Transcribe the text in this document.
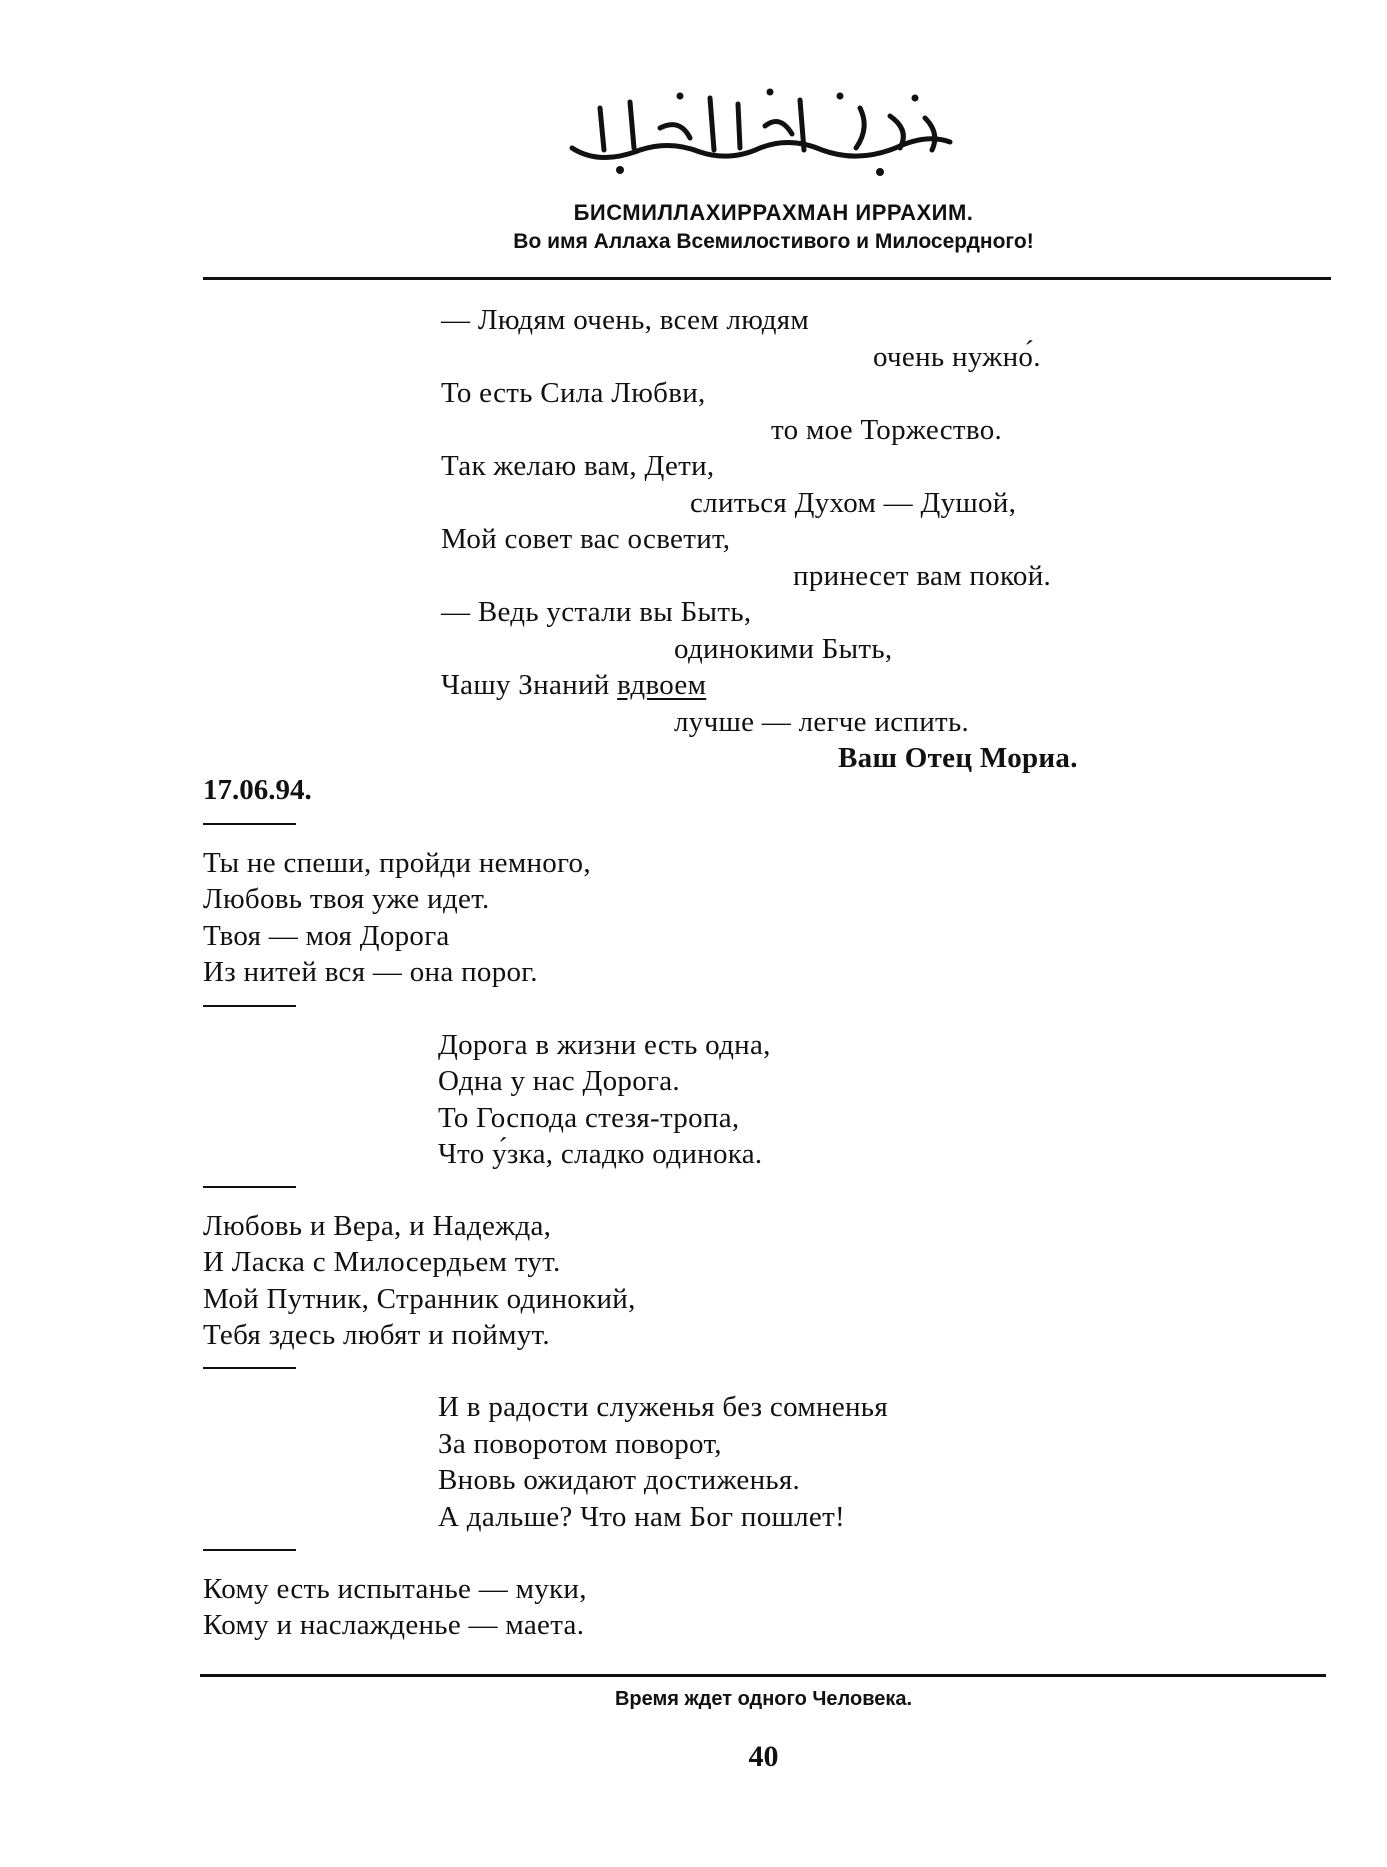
بِسْمِ ٱللَّٰهِ ٱلرَّحْمَٰنِ ٱلرَّحِيمِ
БИСМИЛЛАХИРРАХМАН ИРРАХИМ.
Во имя Аллаха Всемилостивого и Милосердного!
— Людям очень, всем людям
очень нужно́.
То есть Сила Любви,
то мое Торжество.
Так желаю вам, Дети,
слиться Духом — Душой,
Мой совет вас осветит,
принесет вам покой.
— Ведь устали вы Быть,
одинокими Быть,
Чашу Знаний вдвоем
лучше — легче испить.
Ваш Отец Мориа.
17.06.94.
Ты не спеши, пройди немного,
Любовь твоя уже идет.
Твоя — моя Дорога
Из нитей вся — она порог.
Дорога в жизни есть одна,
Одна у нас Дорога.
То Господа стезя-тропа,
Что у́зка, сладко одинока.
Любовь и Вера, и Надежда,
И Ласка с Милосердьем тут.
Мой Путник, Странник одинокий,
Тебя здесь любят и поймут.
И в радости служенья без сомненья
За поворотом поворот,
Вновь ожидают достиженья.
А дальше? Что нам Бог пошлет!
Кому есть испытанье — муки,
Кому и наслажденье — маета.
Время ждет одного Человека.
40
